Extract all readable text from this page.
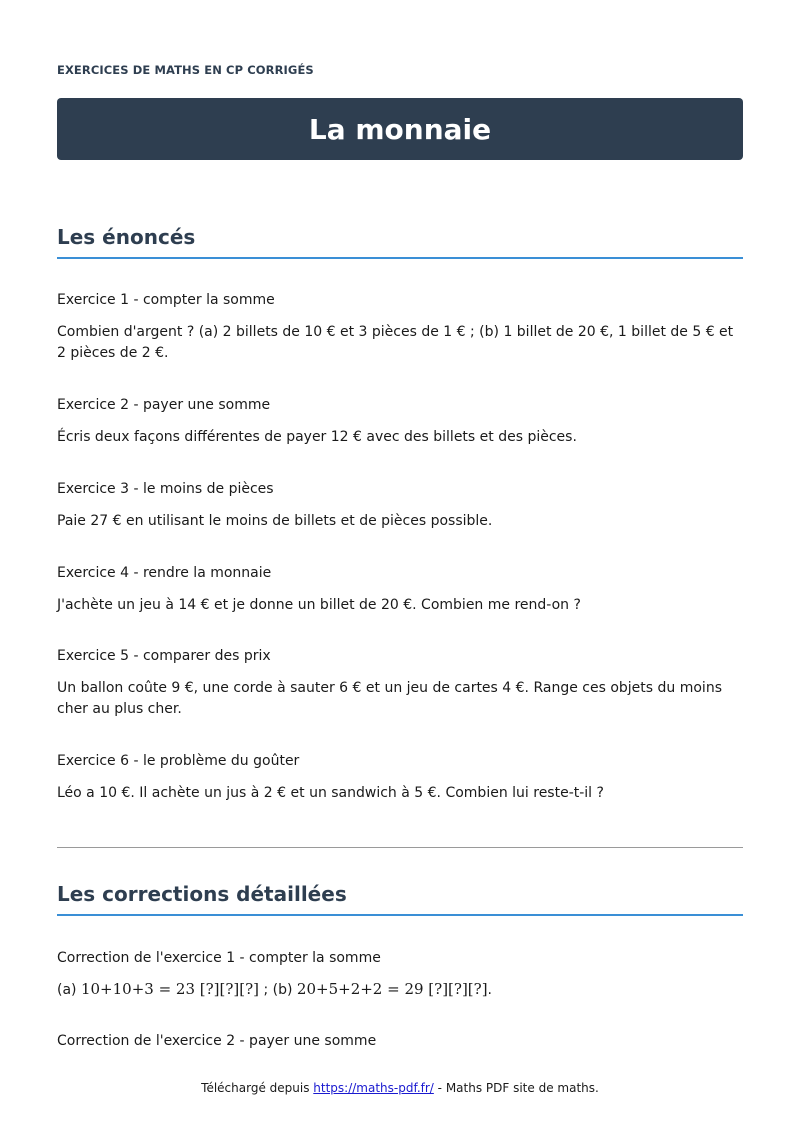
EXERCICES DE MATHS EN CP CORRIGÉS
La monnaie
Les énoncés
Exercice 1 - compter la somme

Combien d'argent ? (a) 2 billets de 10 € et 3 pièces de 1 € ; (b) 1 billet de 20 €, 1 billet de 5 € et 2 pièces de 2 €.

Exercice 2 - payer une somme

Écris deux façons différentes de payer 12 € avec des billets et des pièces.

Exercice 3 - le moins de pièces

Paie 27 € en utilisant le moins de billets et de pièces possible.

Exercice 4 - rendre la monnaie

J'achète un jeu à 14 € et je donne un billet de 20 €. Combien me rend-on ?

Exercice 5 - comparer des prix

Un ballon coûte 9 €, une corde à sauter 6 € et un jeu de cartes 4 €. Range ces objets du moins cher au plus cher.

Exercice 6 - le problème du goûter

Léo a 10 €. Il achète un jus à 2 € et un sandwich à 5 €. Combien lui reste-t-il ?

Les corrections détaillées
Correction de l'exercice 1 - compter la somme

(a) 10+10+3 = 23 [?][?][?] ; (b) 20+5+2+2 = 29 [?][?][?].

Correction de l'exercice 2 - payer une somme
Téléchargé depuis https://maths-pdf.fr/ - Maths PDF site de maths.
